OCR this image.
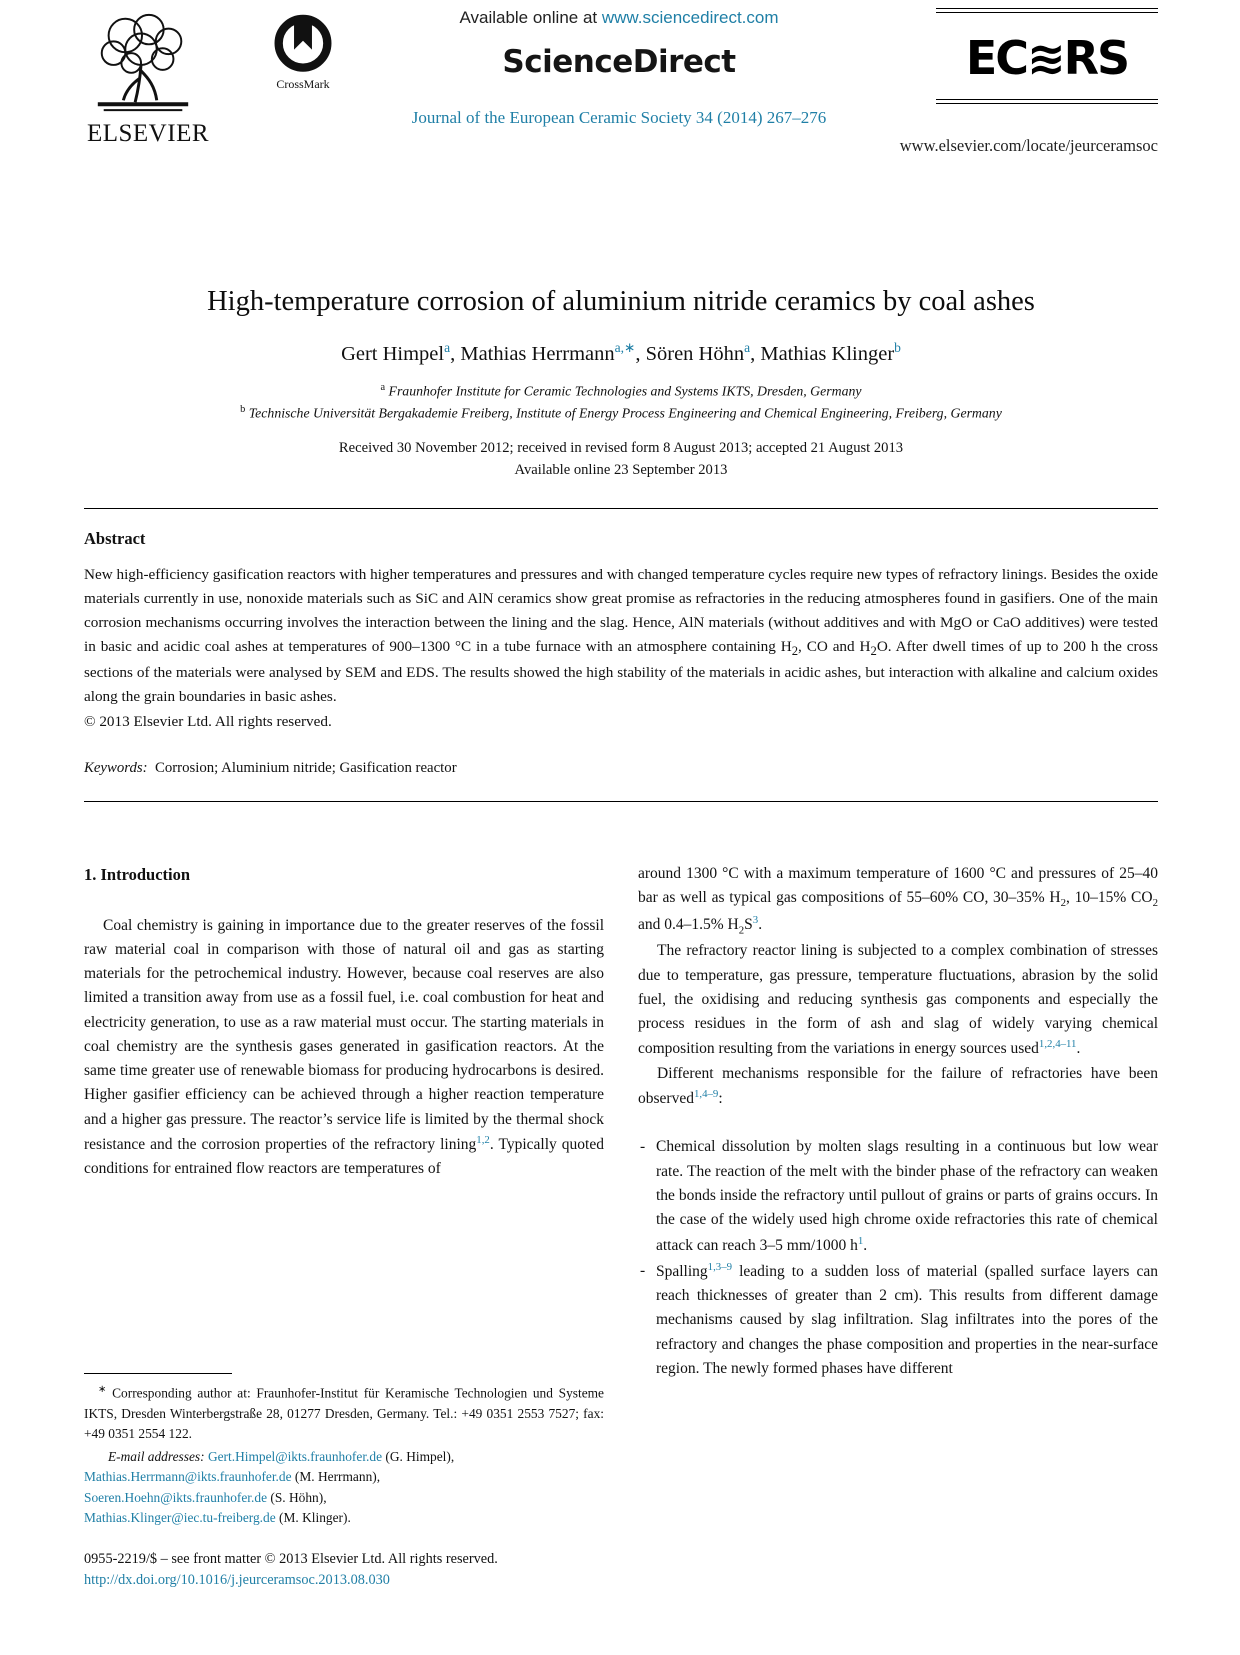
ELSEVIER
CrossMark
Available online at www.sciencedirect.com
ScienceDirect
Journal of the European Ceramic Society 34 (2014) 267–276
EC≋RS
www.elsevier.com/locate/jeurceramsoc
High-temperature corrosion of aluminium nitride ceramics by coal ashes
Gert Himpel$^a$, Mathias Herrmann$^{a,∗}$, Sören Höhn$^a$, Mathias Klinger$^b$
$^a$ Fraunhofer Institute for Ceramic Technologies and Systems IKTS, Dresden, Germany
$^b$ Technische Universität Bergakademie Freiberg, Institute of Energy Process Engineering and Chemical Engineering, Freiberg, Germany
Received 30 November 2012; received in revised form 8 August 2013; accepted 21 August 2013
Available online 23 September 2013
Abstract
New high-efficiency gasification reactors with higher temperatures and pressures and with changed temperature cycles require new types of refractory linings. Besides the oxide materials currently in use, nonoxide materials such as SiC and AlN ceramics show great promise as refractories in the reducing atmospheres found in gasifiers. One of the main corrosion mechanisms occurring involves the interaction between the lining and the slag. Hence, AlN materials (without additives and with MgO or CaO additives) were tested in basic and acidic coal ashes at temperatures of 900–1300 °C in a tube furnace with an atmosphere containing $H_2$, CO and $H_2O$. After dwell times of up to 200 h the cross sections of the materials were analysed by SEM and EDS. The results showed the high stability of the materials in acidic ashes, but interaction with alkaline and calcium oxides along the grain boundaries in basic ashes.
© 2013 Elsevier Ltd. All rights reserved.
Keywords: Corrosion; Aluminium nitride; Gasification reactor
1. Introduction

Coal chemistry is gaining in importance due to the greater reserves of the fossil raw material coal in comparison with those of natural oil and gas as starting materials for the petrochemical industry. However, because coal reserves are also limited a transition away from use as a fossil fuel, i.e. coal combustion for heat and electricity generation, to use as a raw material must occur. The starting materials in coal chemistry are the synthesis gases generated in gasification reactors. At the same time greater use of renewable biomass for producing hydrocarbons is desired. Higher gasifier efficiency can be achieved through a higher reaction temperature and a higher gas pressure. The reactor’s service life is limited by the thermal shock resistance and the corrosion properties of the refractory lining$^{1,2}$. Typically quoted conditions for entrained flow reactors are temperatures of

∗ Corresponding author at: Fraunhofer-Institut für Keramische Technologien und Systeme IKTS, Dresden Winterbergstraße 28, 01277 Dresden, Germany. Tel.: +49 0351 2553 7527; fax: +49 0351 2554 122.
E-mail addresses: Gert.Himpel@ikts.fraunhofer.de (G. Himpel),
Mathias.Herrmann@ikts.fraunhofer.de (M. Herrmann),
Soeren.Hoehn@ikts.fraunhofer.de (S. Höhn),
Mathias.Klinger@iec.tu-freiberg.de (M. Klinger).
0955-2219/$ – see front matter © 2013 Elsevier Ltd. All rights reserved.
http://dx.doi.org/10.1016/j.jeurceramsoc.2013.08.030

around 1300 °C with a maximum temperature of 1600 °C and pressures of 25–40 bar as well as typical gas compositions of 55–60% CO, 30–35% $H_2$, 10–15% $CO_2$ and 0.4–1.5% $H_2S^3$.

The refractory reactor lining is subjected to a complex combination of stresses due to temperature, gas pressure, temperature fluctuations, abrasion by the solid fuel, the oxidising and reducing synthesis gas components and especially the process residues in the form of ash and slag of widely varying chemical composition resulting from the variations in energy sources used$^{1,2,4-11}$.

Different mechanisms responsible for the failure of refractories have been observed$^{1,4-9}$:

- Chemical dissolution by molten slags resulting in a continuous but low wear rate. The reaction of the melt with the binder phase of the refractory can weaken the bonds inside the refractory until pullout of grains or parts of grains occurs. In the case of the widely used high chrome oxide refractories this rate of chemical attack can reach 3–5 mm/1000 $h^1$.
- Spalling$^{1,3-9}$ leading to a sudden loss of material (spalled surface layers can reach thicknesses of greater than 2 cm). This results from different damage mechanisms caused by slag infiltration. Slag infiltrates into the pores of the refractory and changes the phase composition and properties in the near-surface region. The newly formed phases have different
